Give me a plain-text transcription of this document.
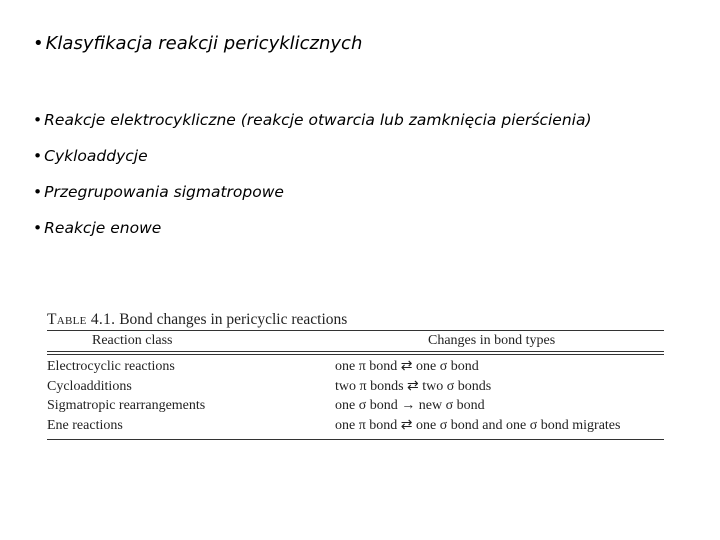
• Klasyfikacja reakcji pericyklicznych
• Reakcje elektrocykliczne (reakcje otwarcia lub zamknięcia pierścienia)
• Cykloaddycje
• Przegrupowania sigmatropowe
• Reakcje enowe
Table 4.1. Bond changes in pericyclic reactions
Reaction class	Changes in bond types
Electrocyclic reactions	one π bond ⇄ one σ bond
Cycloadditions	two π bonds ⇄ two σ bonds
Sigmatropic rearrangements	one σ bond → new σ bond
Ene reactions	one π bond ⇄ one σ bond and one σ bond migrates
